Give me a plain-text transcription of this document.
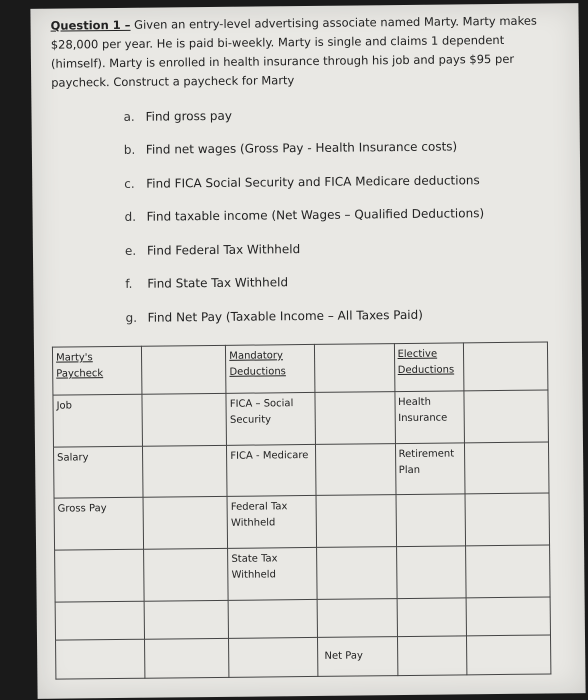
Question 1 – Given an entry-level advertising associate named Marty. Marty makes $28,000 per year. He is paid bi-weekly. Marty is single and claims 1 dependent (himself). Marty is enrolled in health insurance through his job and pays $95 per paycheck. Construct a paycheck for Marty
a. Find gross pay
b. Find net wages (Gross Pay - Health Insurance costs)
c. Find FICA Social Security and FICA Medicare deductions
d. Find taxable income (Net Wages – Qualified Deductions)
e. Find Federal Tax Withheld
f. Find State Tax Withheld
g. Find Net Pay (Taxable Income – All Taxes Paid)
Marty's Paycheck		Mandatory Deductions		Elective Deductions	
Job		FICA – Social Security		Health Insurance	
Salary		FICA - Medicare		Retirement Plan	
Gross Pay		Federal Tax Withheld			
		State Tax Withheld			

			Net Pay		
